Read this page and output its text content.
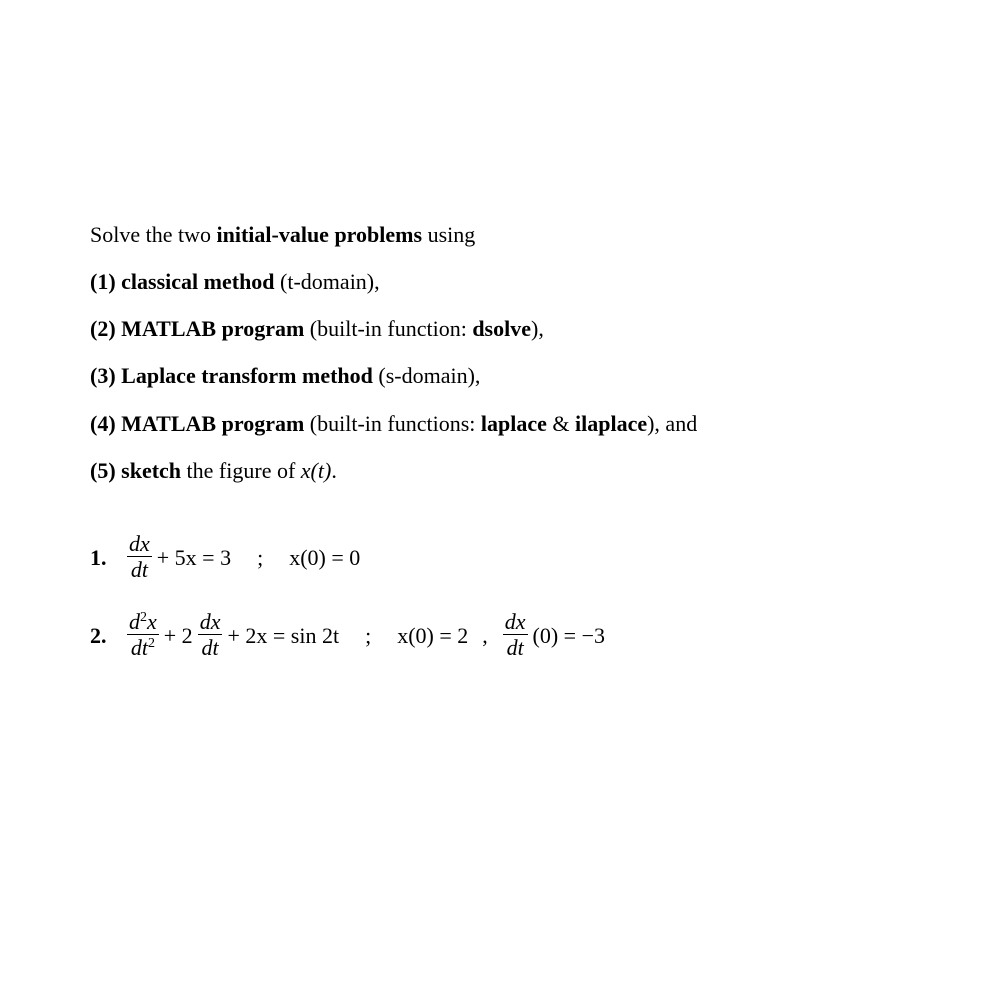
Solve the two initial-value problems using
(1) classical method (t-domain),
(2) MATLAB program (built-in function: dsolve),
(3) Laplace transform method (s-domain),
(4) MATLAB program (built-in functions: laplace & ilaplace), and
(5) sketch the figure of x(t).
1. $\frac{dx}{dt} + 5x = 3$ ; x(0) = 0
2. $\frac{d^2x}{dt^2} + 2 \frac{dx}{dt} + 2x = \sin 2t$ ; x(0) = 2 , $\frac{dx}{dt} (0) = -3$
